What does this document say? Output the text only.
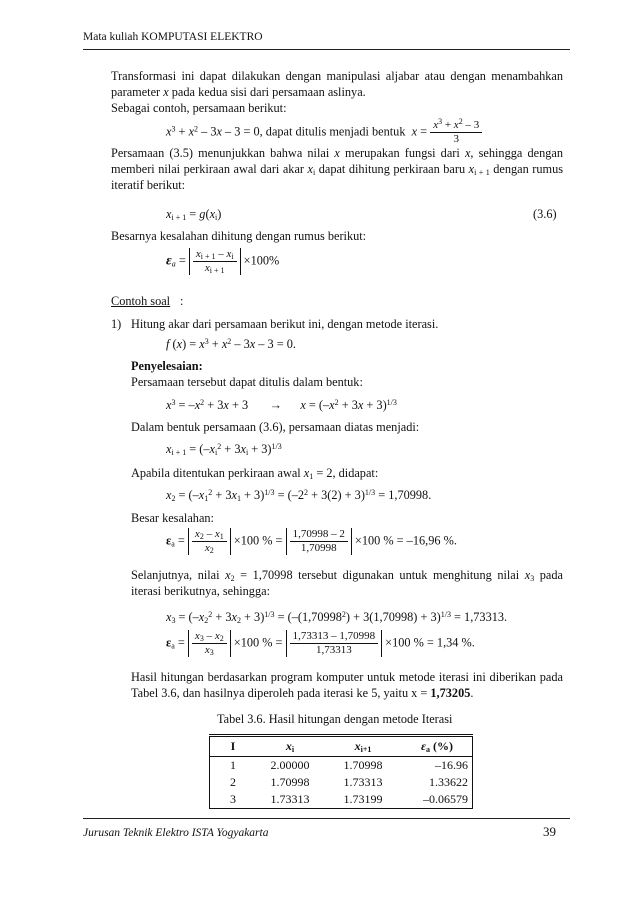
Mata kuliah KOMPUTASI ELEKTRO
Transformasi ini dapat dilakukan dengan manipulasi aljabar atau dengan menambahkan parameter x pada kedua sisi dari persamaan aslinya.
Sebagai contoh, persamaan berikut:
$x^3 + x^2 - 3x - 3 = 0$, dapat ditulis menjadi bentuk $x = \frac{x^3 + x^2 - 3}{3}$
Persamaan (3.5) menunjukkan bahwa nilai x merupakan fungsi dari x, sehingga dengan memberi nilai perkiraan awal dari akar $x_i$ dapat dihitung perkiraan baru $x_{i + 1}$ dengan rumus iteratif berikut:
$x_{i + 1} = g(x_i)$	(3.6)
Besarnya kesalahan dihitung dengan rumus berikut:
$\varepsilon_a = \frac{x_{i + 1} - x_i}{x_{i + 1}} \times 100\%$
Contoh soal :
1) Hitung akar dari persamaan berikut ini, dengan metode iterasi.
f $(x) = x^3 + x^2 - 3x - 3 = 0$.
Penyelesaian:
Persamaan tersebut dapat ditulis dalam bentuk:
$x^3 = -x^2 + 3x + 3$       →      $x = (-x^2 + 3x + 3)^{1/3}$
Dalam bentuk persamaan (3.6), persamaan diatas menjadi:
$x_{i + 1} = (-x_i^2 + 3x_i + 3)^{1/3}$
Apabila ditentukan perkiraan awal $x_1 = 2$, didapat:
$x_2 = (-x_1^2 + 3x_1 + 3)^{1/3} = (-2^2 + 3(2) + 3)^{1/3} = 1,70998$.
Besar kesalahan:
$\varepsilon_a = \frac{x_2 - x_1}{x_2} \times 100$ % = $\frac{1,70998 - 2}{1,70998} \times 100$ % = –16,96 %.
Selanjutnya, nilai $x_2 = 1,70998$ tersebut digunakan untuk menghitung nilai $x_3$ pada iterasi berikutnya, sehingga:
$x_3 = (-x_2^2 + 3x_2 + 3)^{1/3} = (-(1,70998^2) + 3(1,70998) + 3)^{1/3} = 1,73313$.
$\varepsilon_a = \frac{x_3 - x_2}{x_3} \times 100$ % = $\frac{1,73313 - 1,70998}{1,73313} \times 100$ % = 1,34 %.
Hasil hitungan berdasarkan program komputer untuk metode iterasi ini diberikan pada Tabel 3.6, dan hasilnya diperoleh pada iterasi ke 5, yaitu x = 1,73205.
Tabel 3.6. Hasil hitungan dengan metode Iterasi
I	$x_i$	$x_{i+1}$	$\varepsilon_a$ (%)
1	2.00000	1.70998	–16.96
2	1.70998	1.73313	1.33622
3	1.73313	1.73199	–0.06579
Jurusan Teknik Elektro ISTA Yogyakarta	39
